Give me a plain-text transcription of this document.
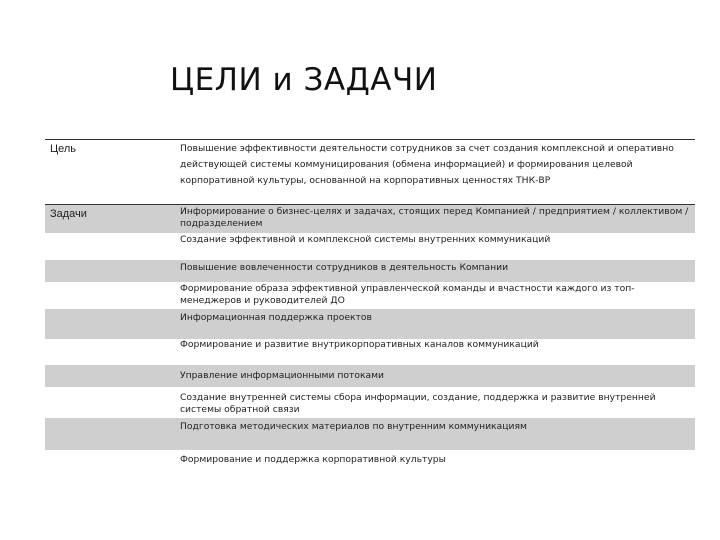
ЦЕЛИ и ЗАДАЧИ
Цель	Повышение эффективности деятельности сотрудников за счет создания комплексной и оперативно действующей системы коммуницирования (обмена информацией) и формирования целевой корпоративной культуры, основанной на корпоративных ценностях ТНК-ВР
Задачи	Информирование о бизнес-целях и задачах, стоящих перед Компанией / предприятием / коллективом / подразделением
Создание эффективной и комплексной системы внутренних коммуникаций
Повышение вовлеченности сотрудников в деятельность Компании
Формирование образа эффективной управленческой команды и вчастности каждого из топ-менеджеров и руководителей ДО
Информационная поддержка проектов
Формирование и развитие внутрикорпоративных каналов коммуникаций
Управление информационными потоками
Создание внутренней системы сбора информации, создание, поддержка и развитие внутренней системы обратной связи
Подготовка методических материалов по внутренним коммуникациям
Формирование и поддержка корпоративной культуры
